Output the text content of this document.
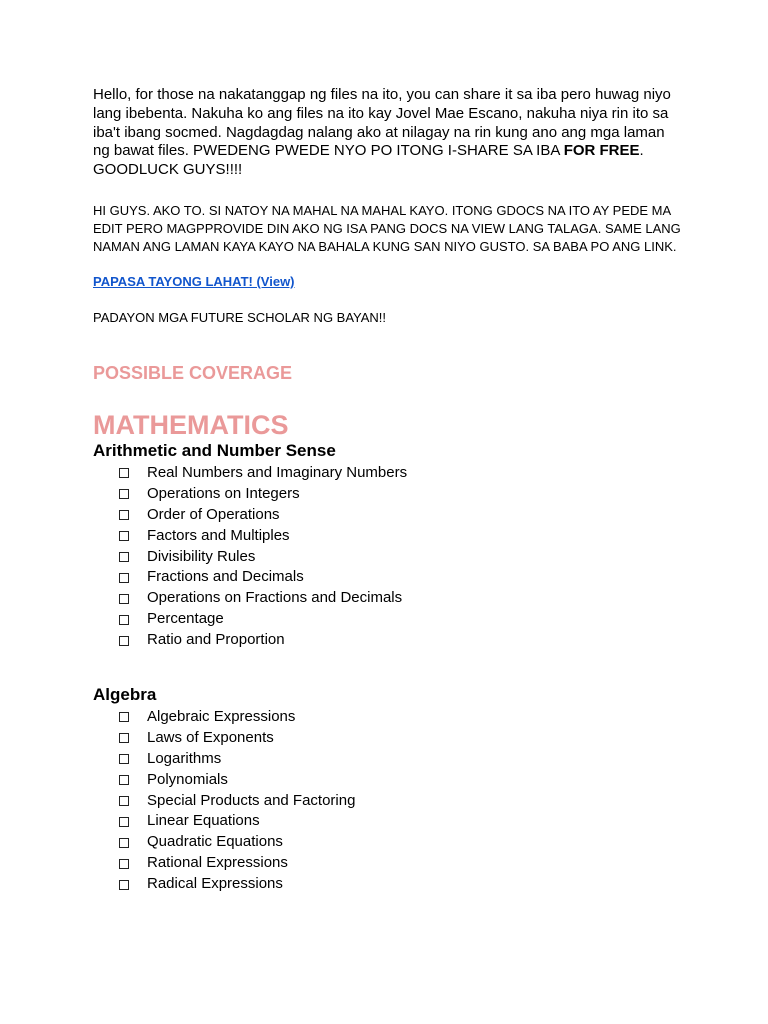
Hello, for those na nakatanggap ng files na ito, you can share it sa iba pero huwag niyo lang ibebenta. Nakuha ko ang files na ito kay Jovel Mae Escano, nakuha niya rin ito sa iba't ibang socmed. Nagdagdag nalang ako at nilagay na rin kung ano ang mga laman ng bawat files. PWEDENG PWEDE NYO PO ITONG I-SHARE SA IBA FOR FREE. GOODLUCK GUYS!!!!

HI GUYS. AKO TO. SI NATOY NA MAHAL NA MAHAL KAYO. ITONG GDOCS NA ITO AY PEDE MA EDIT PERO MAGPPROVIDE DIN AKO NG ISA PANG DOCS NA VIEW LANG TALAGA. SAME LANG NAMAN ANG LAMAN KAYA KAYO NA BAHALA KUNG SAN NIYO GUSTO. SA BABA PO ANG LINK.

PAPASA TAYONG LAHAT! (View)

PADAYON MGA FUTURE SCHOLAR NG BAYAN!!

POSSIBLE COVERAGE
MATHEMATICS
Arithmetic and Number Sense
Real Numbers and Imaginary Numbers
Operations on Integers
Order of Operations
Factors and Multiples
Divisibility Rules
Fractions and Decimals
Operations on Fractions and Decimals
Percentage
Ratio and Proportion
Algebra
Algebraic Expressions
Laws of Exponents
Logarithms
Polynomials
Special Products and Factoring
Linear Equations
Quadratic Equations
Rational Expressions
Radical Expressions
